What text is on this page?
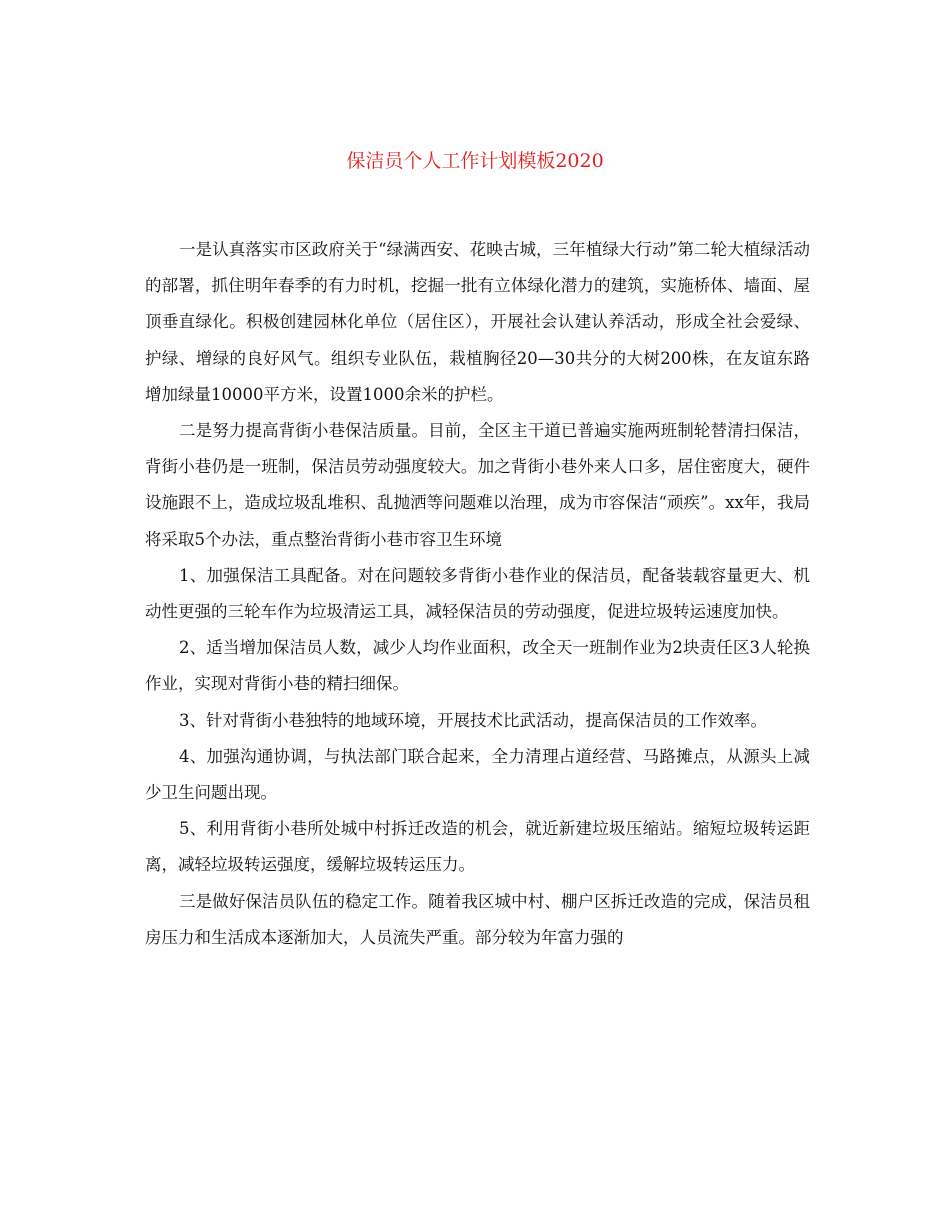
保洁员个人工作计划模板2020

一是认真落实市区政府关于“绿满西安、花映古城，三年植绿大行动”第二轮大植绿活动的部署，抓住明年春季的有力时机，挖掘一批有立体绿化潜力的建筑，实施桥体、墙面、屋顶垂直绿化。积极创建园林化单位（居住区），开展社会认建认养活动，形成全社会爱绿、护绿、增绿的良好风气。组织专业队伍，栽植胸径20—30共分的大树200株，在友谊东路增加绿量10000平方米，设置1000余米的护栏。

二是努力提高背街小巷保洁质量。目前，全区主干道已普遍实施两班制轮替清扫保洁，背街小巷仍是一班制，保洁员劳动强度较大。加之背街小巷外来人口多，居住密度大，硬件设施跟不上，造成垃圾乱堆积、乱抛洒等问题难以治理，成为市容保洁“顽疾”。xx年，我局将采取5个办法，重点整治背街小巷市容卫生环境

1、加强保洁工具配备。对在问题较多背街小巷作业的保洁员，配备装载容量更大、机动性更强的三轮车作为垃圾清运工具，减轻保洁员的劳动强度，促进垃圾转运速度加快。

2、适当增加保洁员人数，减少人均作业面积，改全天一班制作业为2块责任区3人轮换作业，实现对背街小巷的精扫细保。

3、针对背街小巷独特的地域环境，开展技术比武活动，提高保洁员的工作效率。

4、加强沟通协调，与执法部门联合起来，全力清理占道经营、马路摊点，从源头上减少卫生问题出现。

5、利用背街小巷所处城中村拆迁改造的机会，就近新建垃圾压缩站。缩短垃圾转运距离，减轻垃圾转运强度，缓解垃圾转运压力。

三是做好保洁员队伍的稳定工作。随着我区城中村、棚户区拆迁改造的完成，保洁员租房压力和生活成本逐渐加大，人员流失严重。部分较为年富力强的
